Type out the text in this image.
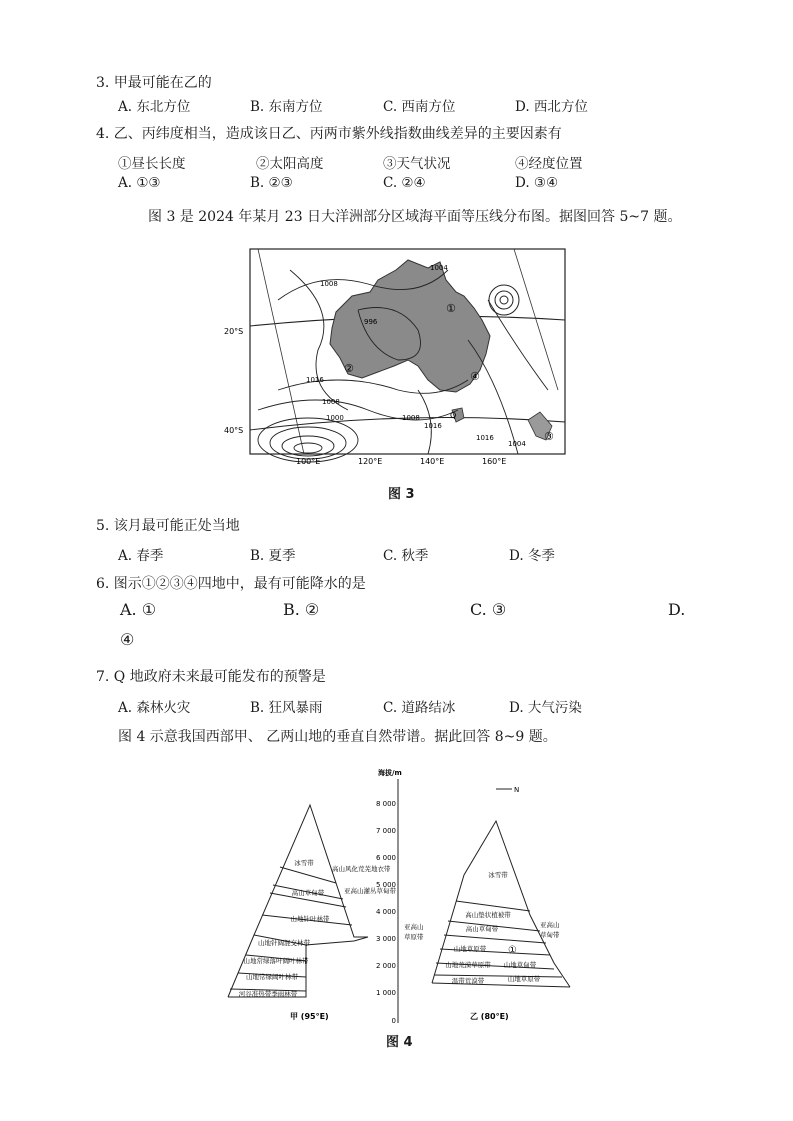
3. 甲最可能在乙的
A. 东北方位	B. 东南方位	C. 西南方位	D. 西北方位
4. 乙、丙纬度相当，造成该日乙、丙两市紫外线指数曲线差异的主要因素有
①昼长长度	②太阳高度	③天气状况	④经度位置
A. ①③	B. ②③	C. ②④	D. ③④
图 3 是 2024 年某月 23 日大洋洲部分区域海平面等压线分布图。据图回答 5~7 题。
1008
1004
1016
1008
1000	1008
1016
1016
1004
996
①
②
③
④
Q
20°S
40°S
100°E	120°E	140°E	160°E
图 3
5. 该月最可能正处当地
A. 春季	B. 夏季	C. 秋季	D. 冬季
6. 图示①②③④四地中，最有可能降水的是
A. ①	B. ②	C. ③	D.
④
7. Q 地政府未来最可能发布的预警是
A. 森林火灾	B. 狂风暴雨	C. 道路结冰	D. 大气污染
图 4 示意我国西部甲、 乙两山地的垂直自然带谱。据此回答 8~9 题。
海拔/m
8 000
7 000
6 000
5 000
4 000
3 000
2 000
1 000
0
N
冰雪带
高山草甸带
山地针叶林带
山地针阔混交林带
山地常绿落叶阔叶林带
山地常绿阔叶林带
河谷准热带季雨林带
高山风化荒芜地衣带
亚高山灌丛草甸带
甲 (95°E)
冰雪带
高山垫状植被带
高山草甸带
山地草原带
山地荒漠草原带
温带荒漠带
山地草甸带
山地草原带
亚高山
草原带
亚高山
草甸带
①
乙 (80°E)
图 4
